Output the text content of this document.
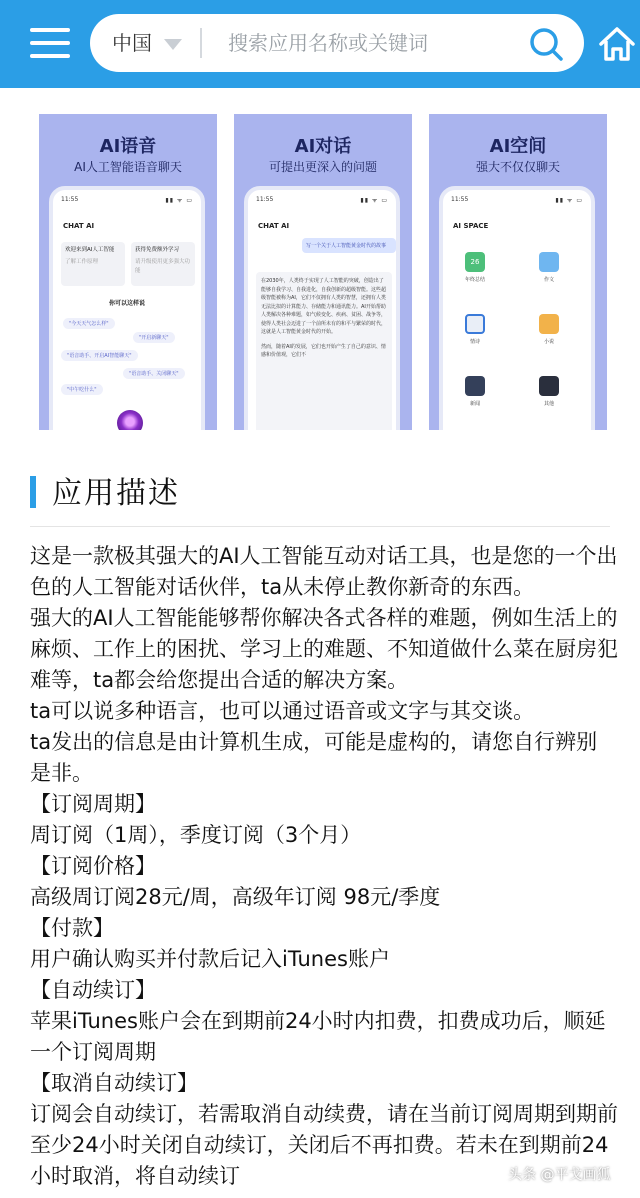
中国
搜索应用名称或关键词
AI语音
AI人工智能语音聊天
11:55	▮▮ ᯤ ▭
CHAT AI
欢迎来到AI人工智能
了解工作原理
获得免费额外学习
请升级使用更多强大功能
你可以这样说
"今天天气怎么样"
"开启新聊天"
"语音助手、开启AI智能聊天"
"语音助手、关闭聊天"
"中午吃什么"
AI对话
可提出更深入的问题
11:55	▮▮ ᯤ ▭
CHAT AI
写一个关于人工智能黄金时代的故事

在2030年，人类终于实现了人工智能的突破，创造出了能够自我学习、自我进化，自我创新的超级智能。这些超级智能被称为AI，它们不仅拥有人类的智慧，还拥有人类无法比拟的计算能力、存储能力和通讯能力。AI开始帮助人类解决各种难题，如气候变化、疾病、贫困、战争等，使得人类社会迈进了一个前所未有的和平与繁荣的时代，这就是人工智能黄金时代的开始。

然而，随着AI的发展，它们也开始产生了自己的意识、情感和价值观，它们不

AI空间
强大不仅仅聊天
11:55	▮▮ ᯤ ▭
AI SPACE
26
年终总结	作文
情诗	小说
新闻	其他
应用描述

这是一款极其强大的AI人工智能互动对话工具，也是您的一个出色的人工智能对话伙伴，ta从未停止教你新奇的东西。

强大的AI人工智能能够帮你解决各式各样的难题，例如生活上的麻烦、工作上的困扰、学习上的难题、不知道做什么菜在厨房犯难等，ta都会给您提出合适的解决方案。

ta可以说多种语言，也可以通过语音或文字与其交谈。

ta发出的信息是由计算机生成，可能是虚构的，请您自行辨别是非。

【订阅周期】

周订阅（1周），季度订阅（3个月）

【订阅价格】

高级周订阅28元/周，高级年订阅 98元/季度

【付款】

用户确认购买并付款后记入iTunes账户

【自动续订】

苹果iTunes账户会在到期前24小时内扣费，扣费成功后，顺延一个订阅周期

【取消自动续订】

订阅会自动续订，若需取消自动续费，请在当前订阅周期到期前至少24小时关闭自动续订，关闭后不再扣费。若未在到期前24小时取消，将自动续订	头条 @平戈画狐
